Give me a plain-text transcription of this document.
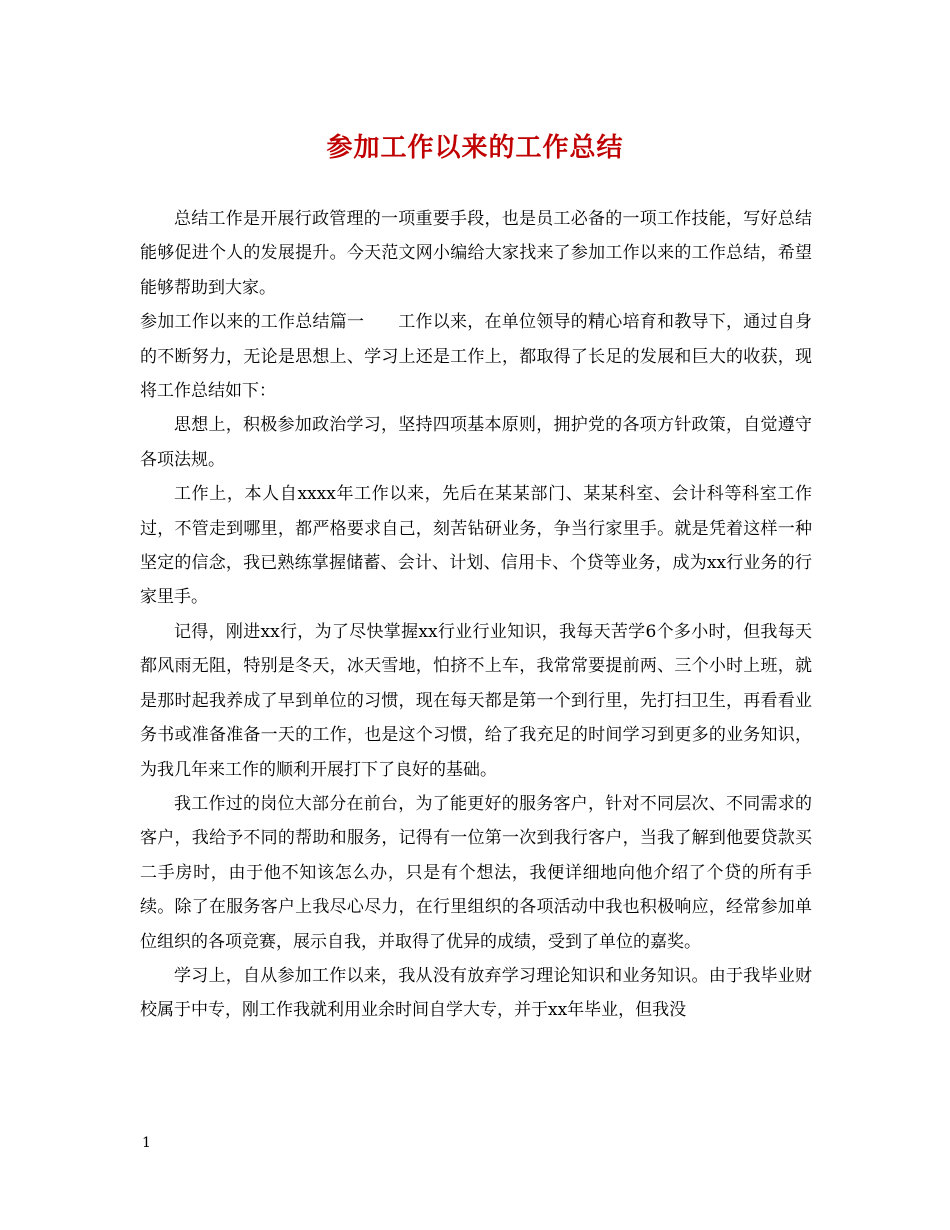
参加工作以来的工作总结

总结工作是开展行政管理的一项重要手段，也是员工必备的一项工作技能，写好总结能够促进个人的发展提升。今天范文网小编给大家找来了参加工作以来的工作总结，希望能够帮助到大家。

参加工作以来的工作总结篇一 工作以来，在单位领导的精心培育和教导下，通过自身的不断努力，无论是思想上、学习上还是工作上，都取得了长足的发展和巨大的收获，现将工作总结如下：

思想上，积极参加政治学习，坚持四项基本原则，拥护党的各项方针政策，自觉遵守各项法规。

工作上，本人自xxxx年工作以来，先后在某某部门、某某科室、会计科等科室工作过，不管走到哪里，都严格要求自己，刻苦钻研业务，争当行家里手。就是凭着这样一种坚定的信念，我已熟练掌握储蓄、会计、计划、信用卡、个贷等业务，成为xx行业务的行家里手。

记得，刚进xx行，为了尽快掌握xx行业行业知识，我每天苦学6个多小时，但我每天都风雨无阻，特别是冬天，冰天雪地，怕挤不上车，我常常要提前两、三个小时上班，就是那时起我养成了早到单位的习惯，现在每天都是第一个到行里，先打扫卫生，再看看业务书或准备准备一天的工作，也是这个习惯，给了我充足的时间学习到更多的业务知识，为我几年来工作的顺利开展打下了良好的基础。

我工作过的岗位大部分在前台，为了能更好的服务客户，针对不同层次、不同需求的客户，我给予不同的帮助和服务，记得有一位第一次到我行客户，当我了解到他要贷款买二手房时，由于他不知该怎么办，只是有个想法，我便详细地向他介绍了个贷的所有手续。除了在服务客户上我尽心尽力，在行里组织的各项活动中我也积极响应，经常参加单位组织的各项竞赛，展示自我，并取得了优异的成绩，受到了单位的嘉奖。

学习上，自从参加工作以来，我从没有放弃学习理论知识和业务知识。由于我毕业财校属于中专，刚工作我就利用业余时间自学大专，并于xx年毕业，但我没

1
